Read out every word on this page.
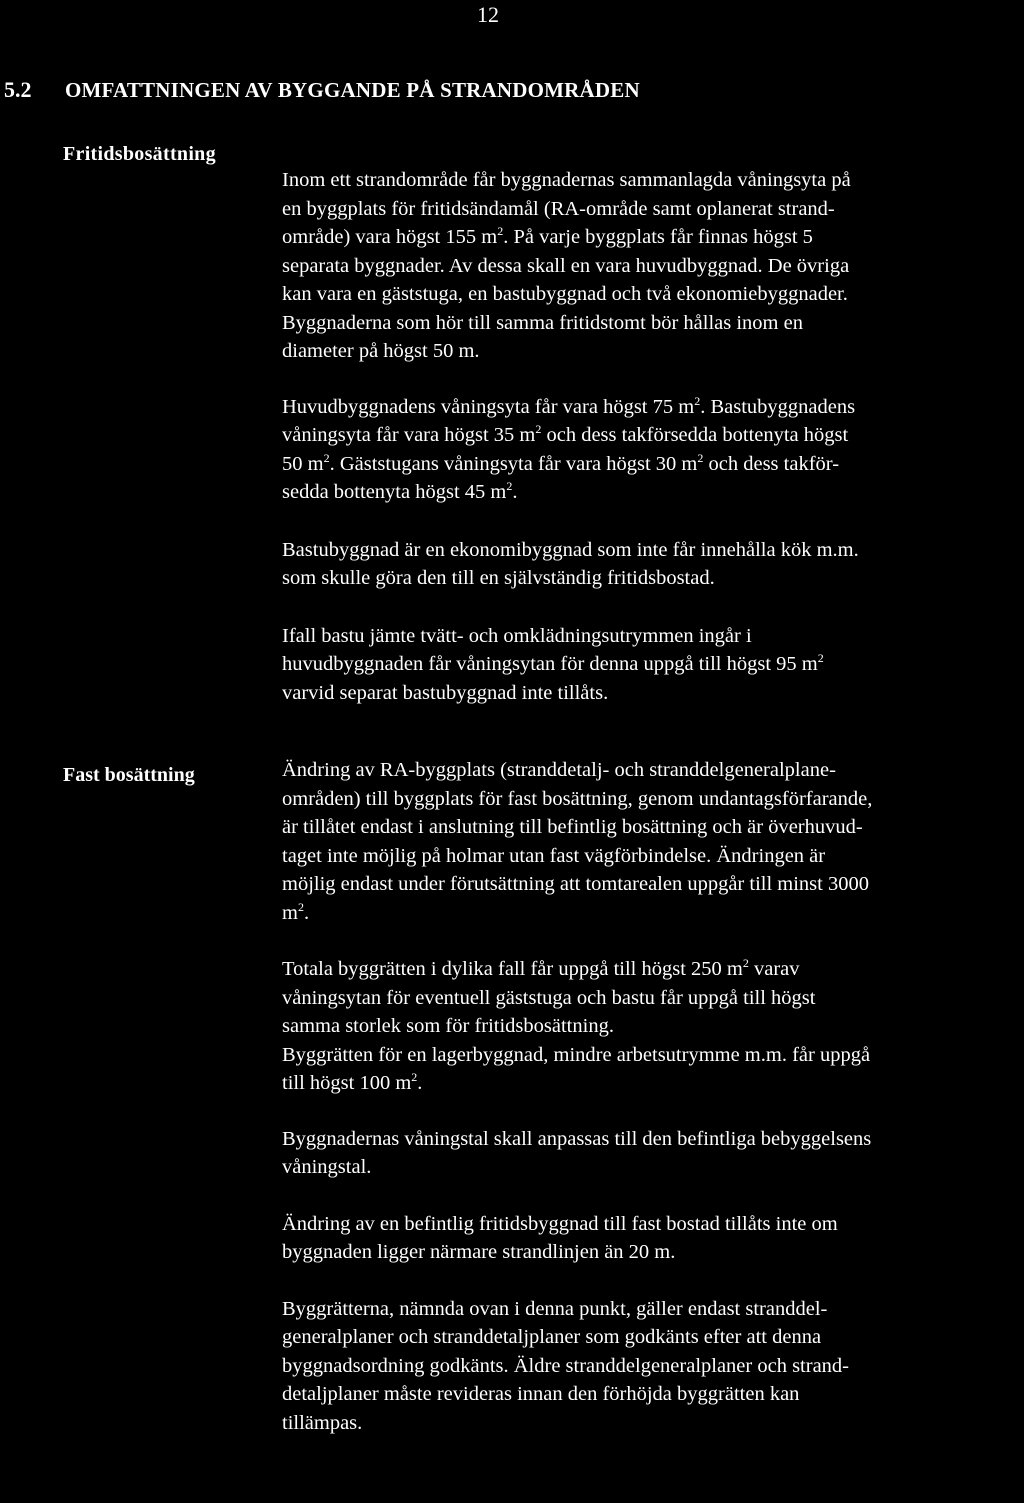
12
5.2 OMFATTNINGEN AV BYGGANDE PÅ STRANDOMRÅDEN
Fritidsbosättning
Fast bosättning

Inom ett strandområde får byggnadernas sammanlagda våningsyta på
en byggplats för fritidsändamål (RA-område samt oplanerat strand-
område) vara högst 155 $m^2$. På varje byggplats får finnas högst 5
separata byggnader. Av dessa skall en vara huvudbyggnad. De övriga
kan vara en gäststuga, en bastubyggnad och två ekonomiebyggnader.
Byggnaderna som hör till samma fritidstomt bör hållas inom en
diameter på högst 50 m.

Huvudbyggnadens våningsyta får vara högst 75 $m^2$. Bastubyggnadens
våningsyta får vara högst 35 $m^2$ och dess takförsedda bottenyta högst
50 $m^2$. Gäststugans våningsyta får vara högst 30 $m^2$ och dess takför-
sedda bottenyta högst 45 $m^2$.

Bastubyggnad är en ekonomibyggnad som inte får innehålla kök m.m.
som skulle göra den till en självständig fritidsbostad.

Ifall bastu jämte tvätt- och omklädningsutrymmen ingår i
huvudbyggnaden får våningsytan för denna uppgå till högst 95 $m^2$
varvid separat bastubyggnad inte tillåts.

Ändring av RA-byggplats (stranddetalj- och stranddelgeneralplane-
områden) till byggplats för fast bosättning, genom undantagsförfarande,
är tillåtet endast i anslutning till befintlig bosättning och är överhuvud-
taget inte möjlig på holmar utan fast vägförbindelse. Ändringen är
möjlig endast under förutsättning att tomtarealen uppgår till minst 3000
$m^2$.

Totala byggrätten i dylika fall får uppgå till högst 250 $m^2$ varav
våningsytan för eventuell gäststuga och bastu får uppgå till högst
samma storlek som för fritidsbosättning.
Byggrätten för en lagerbyggnad, mindre arbetsutrymme m.m. får uppgå
till högst 100 $m^2$.

Byggnadernas våningstal skall anpassas till den befintliga bebyggelsens
våningstal.

Ändring av en befintlig fritidsbyggnad till fast bostad tillåts inte om
byggnaden ligger närmare strandlinjen än 20 m.

Byggrätterna, nämnda ovan i denna punkt, gäller endast stranddel-
generalplaner och stranddetaljplaner som godkänts efter att denna
byggnadsordning godkänts. Äldre stranddelgeneralplaner och strand-
detaljplaner måste revideras innan den förhöjda byggrätten kan
tillämpas.
